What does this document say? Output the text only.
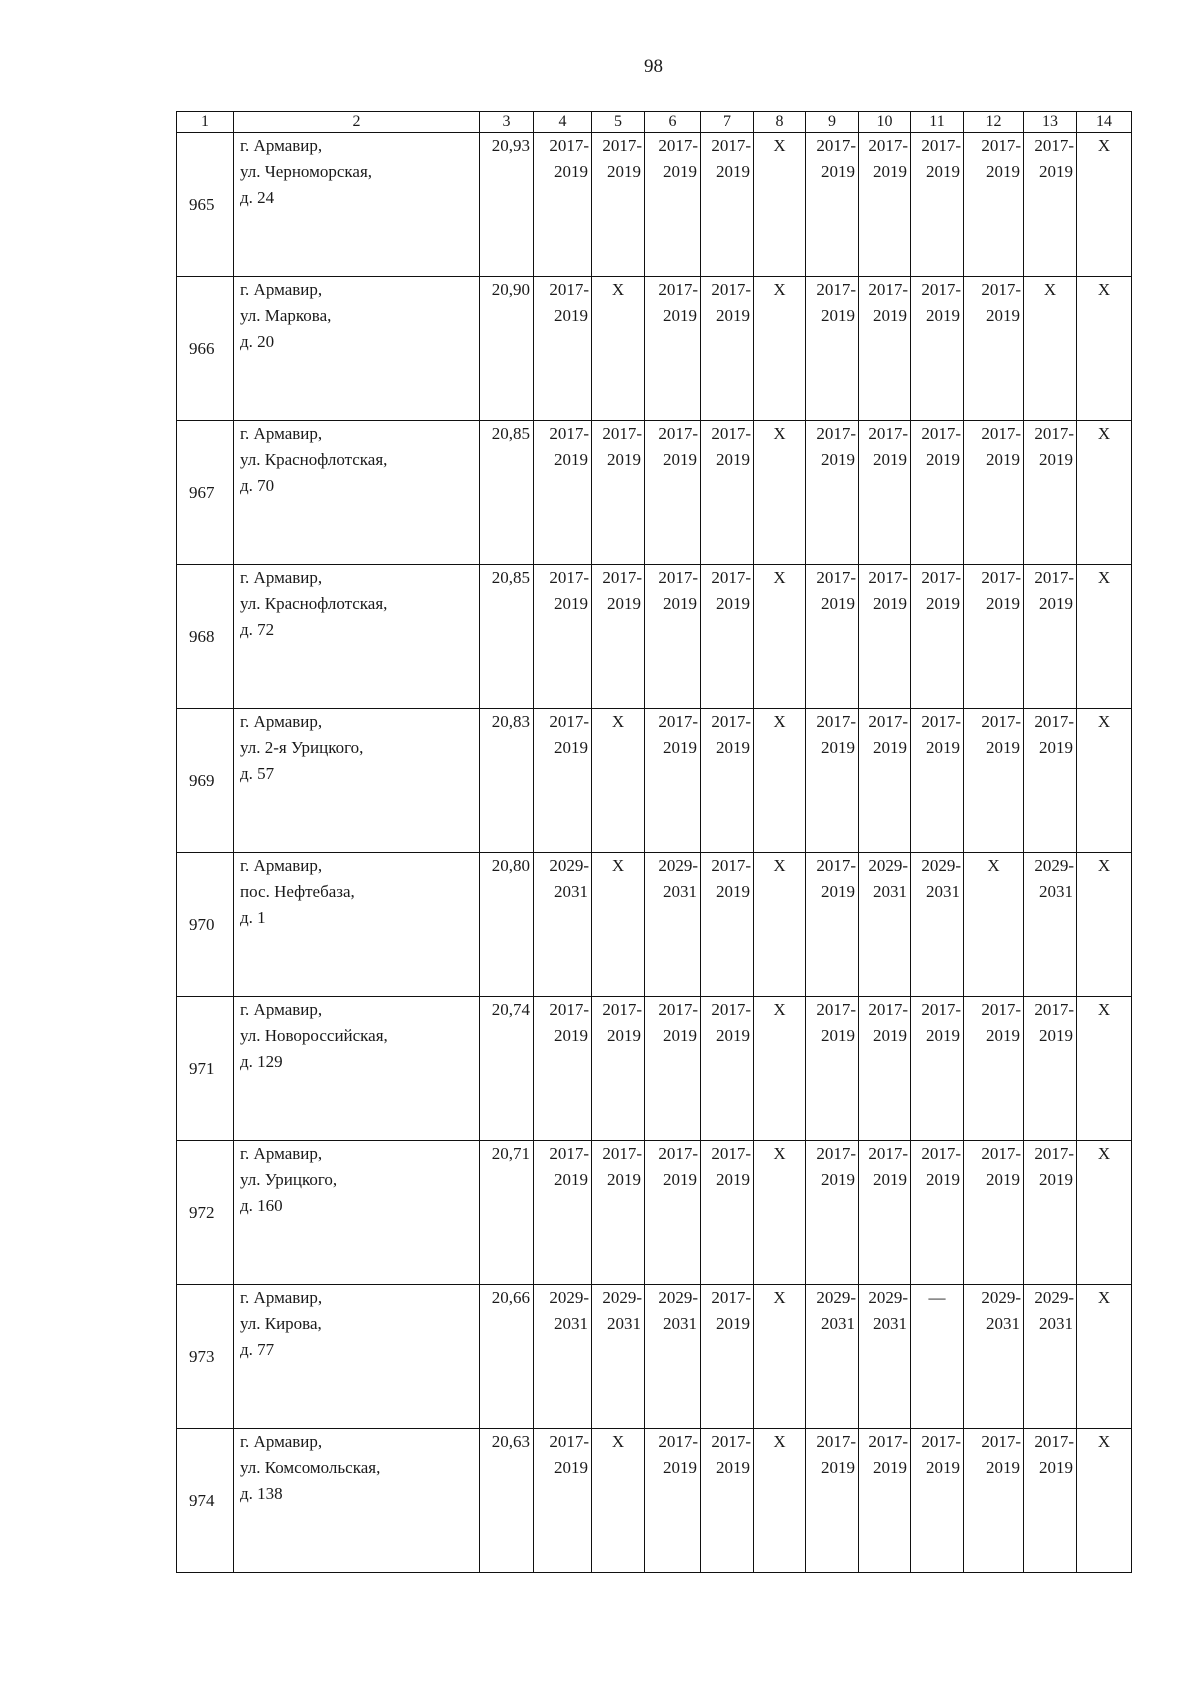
98
1	2	3	4	5	6	7	8	9	10	11	12	13	14
965	г. Армавир,
ул. Черноморская,
д. 24	20,93	2017-
2019	2017-
2019	2017-
2019	2017-
2019	X	2017-
2019	2017-
2019	2017-
2019	2017-
2019	2017-
2019	X

966	г. Армавир,
ул. Маркова,
д. 20	20,90	2017-
2019	X	2017-
2019	2017-
2019	X	2017-
2019	2017-
2019	2017-
2019	2017-
2019	X	X

967	г. Армавир,
ул. Краснофлотская,
д. 70	20,85	2017-
2019	2017-
2019	2017-
2019	2017-
2019	X	2017-
2019	2017-
2019	2017-
2019	2017-
2019	2017-
2019	X

968	г. Армавир,
ул. Краснофлотская,
д. 72	20,85	2017-
2019	2017-
2019	2017-
2019	2017-
2019	X	2017-
2019	2017-
2019	2017-
2019	2017-
2019	2017-
2019	X

969	г. Армавир,
ул. 2-я Урицкого,
д. 57	20,83	2017-
2019	X	2017-
2019	2017-
2019	X	2017-
2019	2017-
2019	2017-
2019	2017-
2019	2017-
2019	X

970	г. Армавир,
пос. Нефтебаза,
д. 1	20,80	2029-
2031	X	2029-
2031	2017-
2019	X	2017-
2019	2029-
2031	2029-
2031	X	2029-
2031	X

971	г. Армавир,
ул. Новороссийская,
д. 129	20,74	2017-
2019	2017-
2019	2017-
2019	2017-
2019	X	2017-
2019	2017-
2019	2017-
2019	2017-
2019	2017-
2019	X

972	г. Армавир,
ул. Урицкого,
д. 160	20,71	2017-
2019	2017-
2019	2017-
2019	2017-
2019	X	2017-
2019	2017-
2019	2017-
2019	2017-
2019	2017-
2019	X

973	г. Армавир,
ул. Кирова,
д. 77	20,66	2029-
2031	2029-
2031	2029-
2031	2017-
2019	X	2029-
2031	2029-
2031	—	2029-
2031	2029-
2031	X

974	г. Армавир,
ул. Комсомольская,
д. 138	20,63	2017-
2019	X	2017-
2019	2017-
2019	X	2017-
2019	2017-
2019	2017-
2019	2017-
2019	2017-
2019	X
